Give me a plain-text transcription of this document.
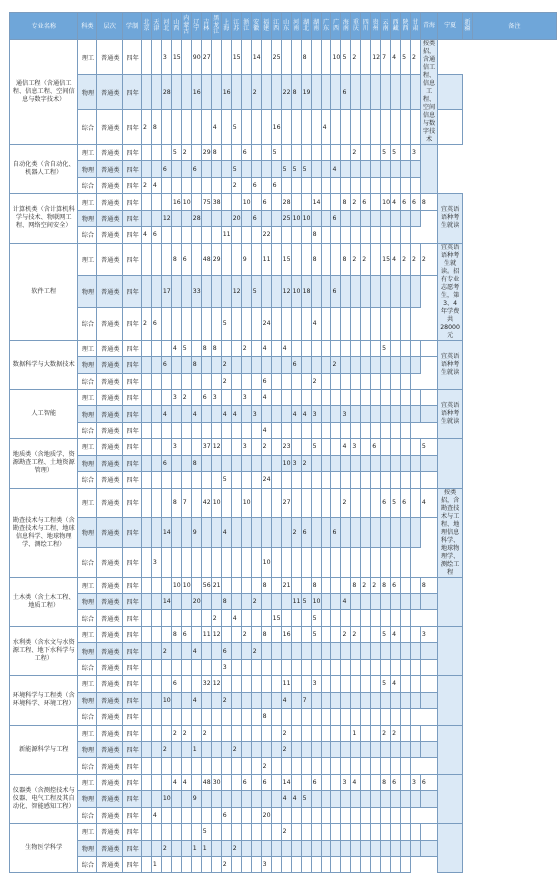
专业名称	科类	层次	学制	北京	天津	河北	山西	内蒙古	辽宁	吉林	黑龙江	上海	江苏	浙江	安徽	福建	江西	山东	河南	湖北	湖南	广东	广西	海南	重庆	四川	贵州	云南	西藏	陕西	甘肃	青海	宁夏	新疆	备注
通信工程（含通信工程、信息工程、空间信息与数字技术）	理工	普通类	四年			3	15		90	27			15		14		25			8			10	5	2		12	7	4	5	2	按类招，含通信工程、信息工程、空间信息与数字技术			
	物理	普通类	四年			28			16			16			2			22	8	19				6											
	综合	普通类	四年	2	8						4		5				16					4													
自动化类（含自动化、机器人工程）	理工	普通类	四年				5	2		29	8			6			5								2			5	5		3				
	物理	普通类	四年			6			6				5					5	5	5			4												
	综合	普通类	四年	2	4								2		6		6																		
计算机类（含计算机科学与技术、物联网工程、网络空间安全）	理工	普通类	四年				16	10		75	38			10		6		28			14			8	2	6		10	4	6	6	8	宜英语语种考生就读		
	物理	普通类	四年			12			28				20		6			25	10	10			6												
	综合	普通类	四年	4	6							11				22					8														
软件工程	理工	普通类	四年				8	6		48	29			9		11		15			8			8	2	2		15	4	2	2	2	宜英语语种考生就读。招有专业志愿考生，第3、4年学费共28000元		
	物理	普通类	四年			17			33				12		5			12	10	18			6												
	综合	普通类	四年	2	6							5				24					4														
数据科学与大数据技术	理工	普通类	四年				4	5		8	8			2		4		4										5					宜英语语种考生就读		
	物理	普通类	四年			6			8			2							6				2												
	综合	普通类	四年									2				6					2														
人工智能	理工	普通类	四年				3	2		6	3			3		4																	宜英语语种考生就读		
	物理	普通类	四年			4			4			4	4		3				4	4	3			3											
	综合	普通类	四年													4																			
地质类（含地质学、资源勘查工程、土地资源管理）	理工	普通类	四年				3			37	12			3		2		23			5			4	3		6					5			
	物理	普通类	四年			6			8									10	3	2															
	综合	普通类	四年									5				24																			
勘查技术与工程类（含勘查技术与工程、地球信息科学、地球物理学、测绘工程）	理工	普通类	四年				8	7		42	10			10				27						2				6	5	6		4	按类招，含勘查技术与工程、地理信息科学、地球物理学、测绘工程		
	物理	普通类	四年			14			9			4							2	6			6												
	综合	普通类	四年		3											10																			
土木类（含土木工程、地质工程）	理工	普通类	四年				10	10		56	21					8		21			8				8	2	2	8	6			8			
	物理	普通类	四年			14			20			8			2				11	5	10			4											
	综合	普通类	四年								2		4				15				5														
水利类（含水文与水资源工程、地下水科学与工程）	理工	普通类	四年				8	6		11	12			2		8		16			5			2	2			5	4			3			
	物理	普通类	四年			2			4			6			2																				
	综合	普通类	四年									3																							
环境科学与工程类（含环境科学、环境工程）	理工	普通类	四年				6			32	12							11			3							5	4						
	物理	普通类	四年			10			4			2						4		7															
	综合	普通类	四年													8																			
新能源科学与工程	理工	普通类	四年				2	2		2								2							1			2	2						
	物理	普通类	四年			2			1				2					2																	
	综合	普通类	四年													2																			
仪器类（含测控技术与仪器、电气工程及其自动化、智能感知工程）	理工	普通类	四年				4	4		48	30			6		6		14			6			3	4			8	6		3	6			
	物理	普通类	四年			10			9									4	4	5															
	综合	普通类	四年		4							6				20																			
生物医学科学	理工	普通类	四年							5								2																	
	物理	普通类	四年			2			1	1			2																						
	综合	普通类	四年		1							2				3																			
